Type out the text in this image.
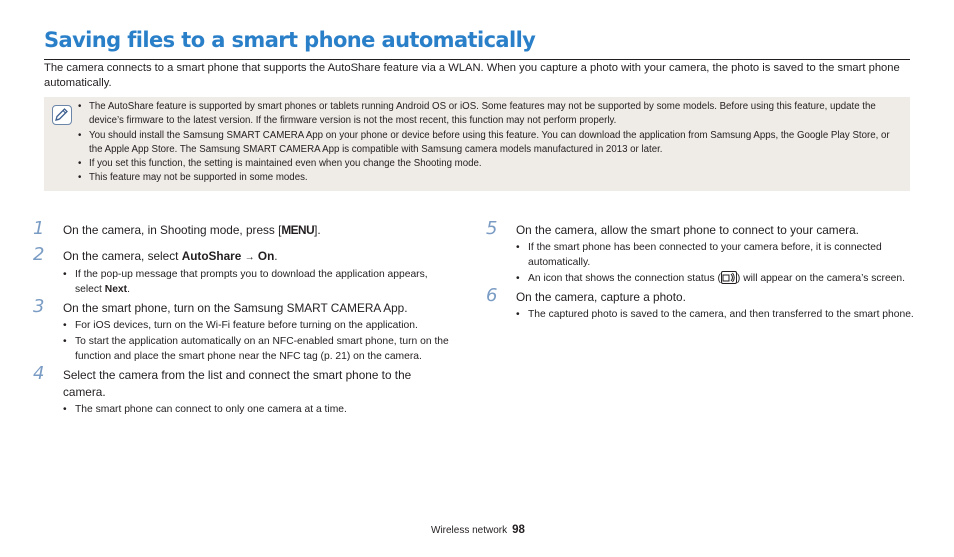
Saving files to a smart phone automatically

The camera connects to a smart phone that supports the AutoShare feature via a WLAN. When you capture a photo with your camera, the photo is saved to the smart phone automatically.

• The AutoShare feature is supported by smart phones or tablets running Android OS or iOS. Some features may not be supported by some models. Before using this feature, update the device’s firmware to the latest version. If the firmware version is not the most recent, this function may not perform properly.
• You should install the Samsung SMART CAMERA App on your phone or device before using this feature. You can download the application from Samsung Apps, the Google Play Store, or the Apple App Store. The Samsung SMART CAMERA App is compatible with Samsung camera models manufactured in 2013 or later.
• If you set this function, the setting is maintained even when you change the Shooting mode.
• This feature may not be supported in some modes.
1 On the camera, in Shooting mode, press [MENU].
2 On the camera, select AutoShare → On.
• If the pop-up message that prompts you to download the application appears, select Next.
3 On the smart phone, turn on the Samsung SMART CAMERA App.
• For iOS devices, turn on the Wi-Fi feature before turning on the application.
• To start the application automatically on an NFC-enabled smart phone, turn on the function and place the smart phone near the NFC tag (p. 21) on the camera.
4 Select the camera from the list and connect the smart phone to the camera.
• The smart phone can connect to only one camera at a time.
5 On the camera, allow the smart phone to connect to your camera.
• If the smart phone has been connected to your camera before, it is connected automatically.
• An icon that shows the connection status ( ) will appear on the camera’s screen.
6 On the camera, capture a photo.
• The captured photo is saved to the camera, and then transferred to the smart phone.
Wireless network 98
